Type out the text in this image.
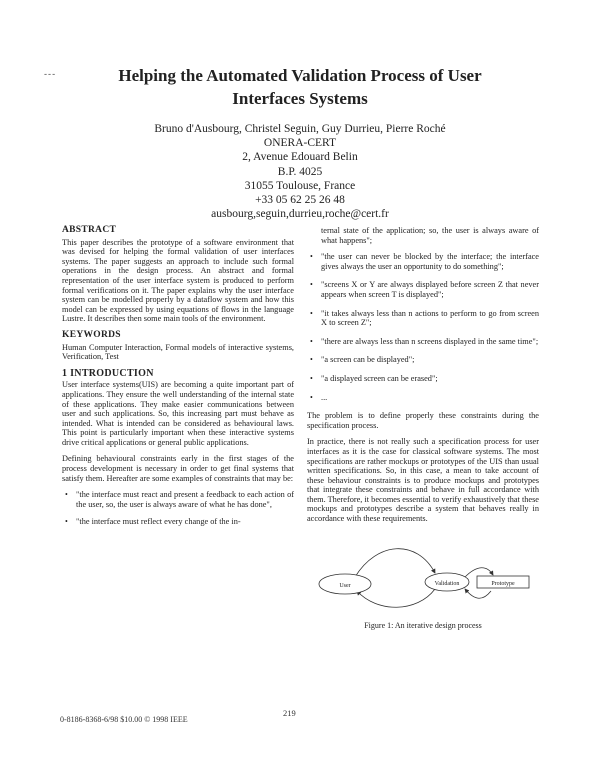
---	Helping the Automated Validation Process of User
Interfaces Systems
Bruno d'Ausbourg, Christel Seguin, Guy Durrieu, Pierre Roché
ONERA-CERT
2, Avenue Edouard Belin
B.P. 4025
31055 Toulouse, France
+33 05 62 25 26 48
ausbourg,seguin,durrieu,roche@cert.fr
ABSTRACT

This paper describes the prototype of a software environment that was devised for helping the formal validation of user interfaces systems. The paper suggests an approach to include such formal operations in the design process. An abstract and formal representation of the user interface system is produced to perform formal verifications on it. The paper explains why the user interface system can be modelled properly by a dataflow system and how this model can be expressed by using equations of flows in the language Lustre. It describes then some main tools of the environment.

KEYWORDS

Human Computer Interaction, Formal models of interactive systems, Verification, Test

1 INTRODUCTION

User interface systems(UIS) are becoming a quite important part of applications. They ensure the well understanding of the internal state of these applications. They make easier communications between user and such applications. So, this increasing part must behave as intended. What is intended can be considered as behavioural laws. This point is particularly important when these interactive systems drive critical applications or general public applications.

Defining behavioural constraints early in the first stages of the process development is necessary in order to get final systems that satisfy them. Hereafter are some examples of constraints that may be:

• "the interface must react and present a feedback to each action of the user, so, the user is always aware of what he has done",
• "the interface must reflect every change of the in-

ternal state of the application; so, the user is always aware of what happens";

• "the user can never be blocked by the interface; the interface gives always the user an opportunity to do something";
• "screens X or Y are always displayed before screen Z that never appears when screen T is displayed";
• "it takes always less than n actions to perform to go from screen X to screen Z";
• "there are always less than n screens displayed in the same time";
• "a screen can be displayed";
• "a displayed screen can be erased";
• ...

The problem is to define properly these constraints during the specification process.

In practice, there is not really such a specification process for user interfaces as it is the case for classical software systems. The most specifications are rather mockups or prototypes of the UIS than usual written specifications. So, in this case, a mean to take account of these behaviour constraints is to produce mockups and prototypes that integrate these constraints and behave in full accordance with them. Therefore, it becomes essential to verify exhaustively that these mockups and prototypes describe a system that behaves really in accordance with these requirements.

User	Validation	Prototype
Figure 1: An iterative design process
219
0-8186-8368-6/98 $10.00 © 1998 IEEE
